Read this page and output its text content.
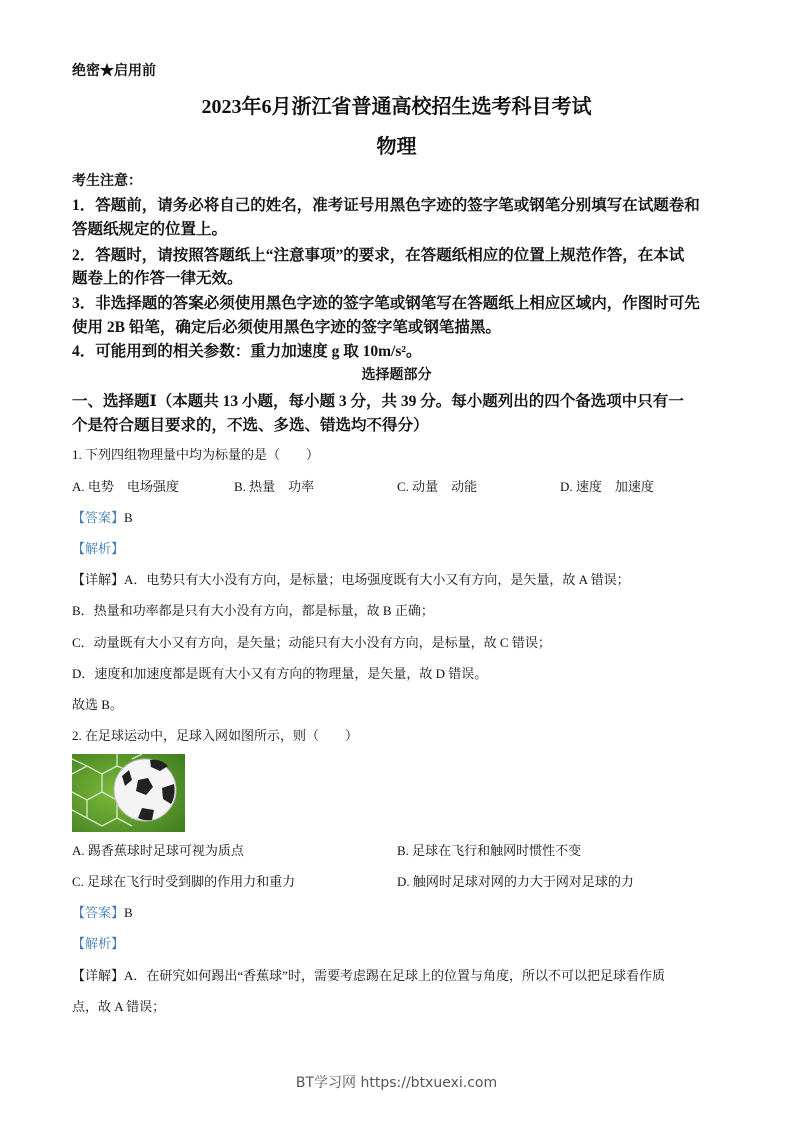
绝密★启用前
2023年6月浙江省普通高校招生选考科目考试
物理
考生注意：
1．答题前，请务必将自己的姓名，准考证号用黑色字迹的签字笔或钢笔分别填写在试题卷和
答题纸规定的位置上。
2．答题时，请按照答题纸上“注意事项”的要求，在答题纸相应的位置上规范作答，在本试
题卷上的作答一律无效。
3．非选择题的答案必须使用黑色字迹的签字笔或钢笔写在答题纸上相应区域内，作图时可先
使用 2B 铅笔，确定后必须使用黑色字迹的签字笔或钢笔描黑。
4．可能用到的相关参数：重力加速度 g 取 10m/s²。
选择题部分
一、选择题Ⅰ（本题共 13 小题，每小题 3 分，共 39 分。每小题列出的四个备选项中只有一
个是符合题目要求的，不选、多选、错选均不得分）
1. 下列四组物理量中均为标量的是（　　）
A. 电势　电场强度	B. 热量　功率	C. 动量　动能	D. 速度　加速度
【答案】B
【解析】
【详解】A．电势只有大小没有方向，是标量；电场强度既有大小又有方向，是矢量，故 A 错误；
B．热量和功率都是只有大小没有方向，都是标量，故 B 正确；
C．动量既有大小又有方向，是矢量；动能只有大小没有方向，是标量，故 C 错误；
D．速度和加速度都是既有大小又有方向的物理量，是矢量，故 D 错误。
故选 B。
2. 在足球运动中，足球入网如图所示，则（　　）
A. 踢香蕉球时足球可视为质点	B. 足球在飞行和触网时惯性不变
C. 足球在飞行时受到脚的作用力和重力	D. 触网时足球对网的力大于网对足球的力
【答案】B
【解析】
【详解】A．在研究如何踢出“香蕉球”时，需要考虑踢在足球上的位置与角度，所以不可以把足球看作质
点，故 A 错误；
BT学习网 https://btxuexi.com
